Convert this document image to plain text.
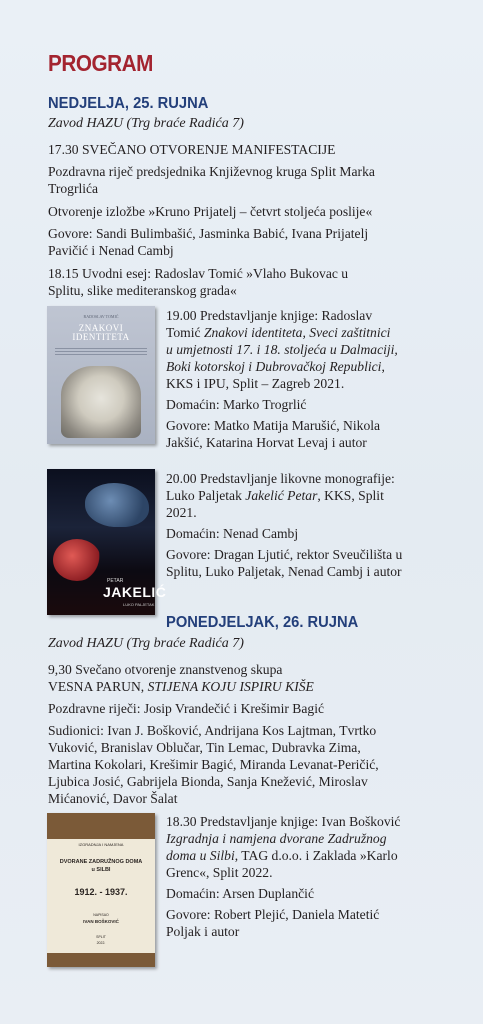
PROGRAM
NEDJELJA, 25. RUJNA
Zavod HAZU (Trg braće Radića 7)
17.30 SVEČANO OTVORENJE MANIFESTACIJE
Pozdravna riječ predsjednika Književnog kruga Split Marka
Trogrlića
Otvorenje izložbe »Kruno Prijatelj – četvrt stoljeća poslije«
Govore: Sandi Bulimbašić, Jasminka Babić, Ivana Prijatelj
Pavičić i Nenad Cambj
18.15 Uvodni esej: Radoslav Tomić »Vlaho Bukovac u
Splitu, slike mediteranskog grada«
RADOSLAV TOMIĆ
ZNAKOVI
IDENTITETA
19.00 Predstavljanje knjige: Radoslav
Tomić Znakovi identiteta, Sveci zaštitnici
u umjetnosti 17. i 18. stoljeća u Dalmaciji,
Boki kotorskoj i Dubrovačkoj Republici,
KKS i IPU, Split – Zagreb 2021.
Domaćin: Marko Trogrlić
Govore: Matko Matija Marušić, Nikola
Jakšić, Katarina Horvat Levaj i autor
PETAR
JAKELIĆ
LUKO PALJETAK
20.00 Predstavljanje likovne monografije:
Luko Paljetak Jakelić Petar, KKS, Split
2021.
Domaćin: Nenad Cambj
Govore: Dragan Ljutić, rektor Sveučilišta u
Splitu, Luko Paljetak, Nenad Cambj i autor
PONEDJELJAK, 26. RUJNA
Zavod HAZU (Trg braće Radića 7)
9,30 Svečano otvorenje znanstvenog skupa
VESNA PARUN, STIJENA KOJU ISPIRU KIŠE
Pozdravne riječi: Josip Vrandečić i Krešimir Bagić
Sudionici: Ivan J. Bošković, Andrijana Kos Lajtman, Tvrtko
Vuković, Branislav Oblučar, Tin Lemac, Dubravka Zima,
Martina Kokolari, Krešimir Bagić, Miranda Levanat-Peričić,
Ljubica Josić, Gabrijela Bionda, Sanja Knežević, Miroslav
Mićanović, Davor Šalat
IZGRADNJA I NAMJENA
DVORANE ZADRUŽNOG DOMA
u SILBI
1912. - 1937.
NAPISAO
IVAN BOŠKOVIĆ
SPLIT
2022.
18.30 Predstavljanje knjige: Ivan Bošković
Izgradnja i namjena dvorane Zadružnog
doma u Silbi, TAG d.o.o. i Zaklada »Karlo
Grenc«, Split 2022.
Domaćin: Arsen Duplančić
Govore: Robert Plejić, Daniela Matetić
Poljak i autor
